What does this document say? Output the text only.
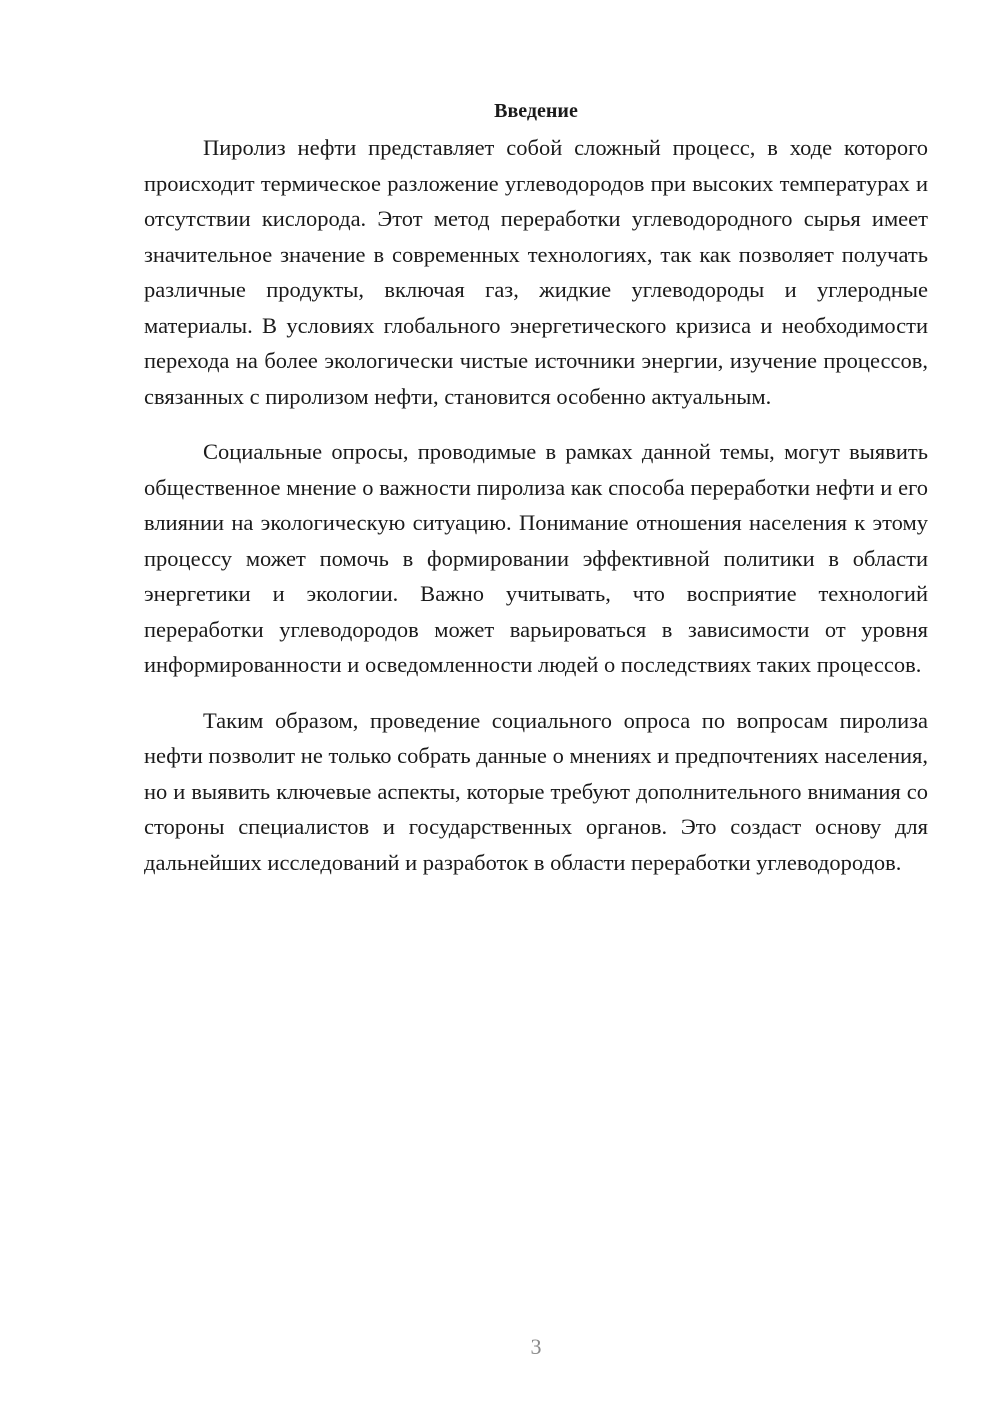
Введение

Пиролиз нефти представляет собой сложный процесс, в ходе которого происходит термическое разложение углеводородов при высоких температурах и отсутствии кислорода. Этот метод переработки углеводородного сырья имеет значительное значение в современных технологиях, так как позволяет получать различные продукты, включая газ, жидкие углеводороды и углеродные материалы. В условиях глобального энергетического кризиса и необходимости перехода на более экологически чистые источники энергии, изучение процессов, связанных с пиролизом нефти, становится особенно актуальным.

Социальные опросы, проводимые в рамках данной темы, могут выявить общественное мнение о важности пиролиза как способа переработки нефти и его влиянии на экологическую ситуацию. Понимание отношения населения к этому процессу может помочь в формировании эффективной политики в области энергетики и экологии. Важно учитывать, что восприятие технологий переработки углеводородов может варьироваться в зависимости от уровня информированности и осведомленности людей о последствиях таких процессов.

Таким образом, проведение социального опроса по вопросам пиролиза нефти позволит не только собрать данные о мнениях и предпочтениях населения, но и выявить ключевые аспекты, которые требуют дополнительного внимания со стороны специалистов и государственных органов. Это создаст основу для дальнейших исследований и разработок в области переработки углеводородов.

3
